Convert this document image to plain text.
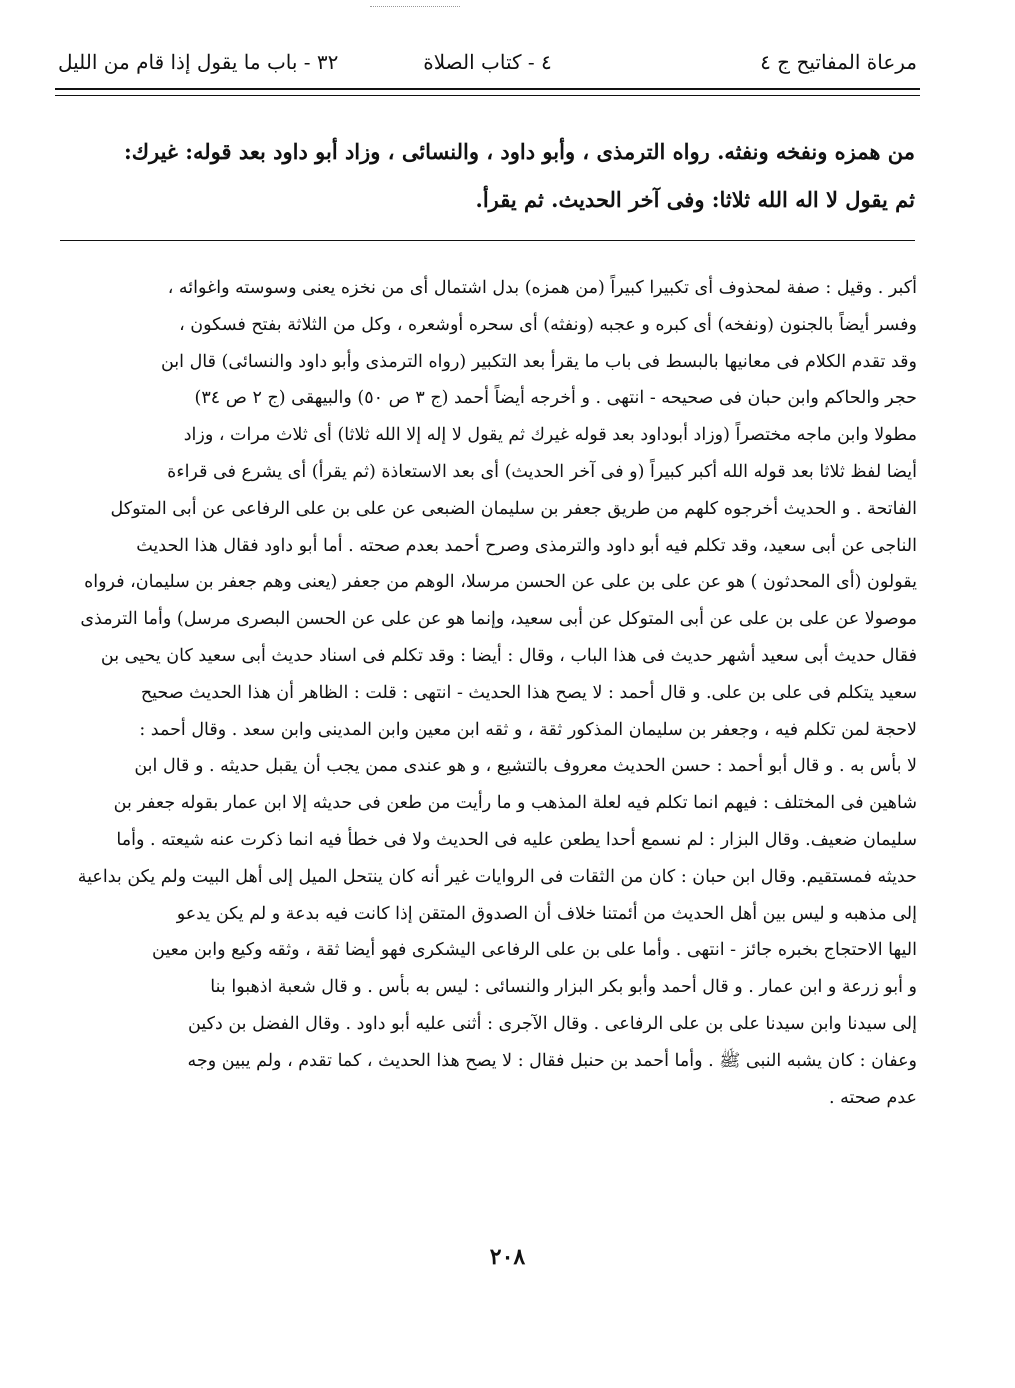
مرعاة المفاتيح ج ٤
٤ - كتاب الصلاة
٣٢ - باب ما يقول إذا قام من الليل

من همزه ونفخه ونفثه. رواه الترمذى ، وأبو داود ، والنسائى ، وزاد أبو داود بعد قوله: غيرك:

ثم يقول لا اله الله ثلاثا: وفى آخر الحديث. ثم يقرأ.

أكبر . وقيل : صفة لمحذوف أى تكبيرا كبيراً (من همزه) بدل اشتمال أى من نخزه يعنى وسوسته واغوائه ،
وفسر أيضاً بالجنون (ونفخه) أى كبره و عجبه (ونفثه) أى سحره أوشعره ، وكل من الثلاثة بفتح فسكون ،
وقد تقدم الكلام فى معانيها بالبسط فى باب ما يقرأ بعد التكبير (رواه الترمذى وأبو داود والنسائى) قال ابن
حجر والحاكم وابن حبان فى صحيحه - انتهى . و أخرجه أيضاً أحمد (ج ٣ ص ٥٠) والبيهقى (ج ٢ ص ٣٤)
مطولا وابن ماجه مختصراً (وزاد أبوداود بعد قوله غيرك ثم يقول لا إله إلا الله ثلاثا) أى ثلاث مرات ، وزاد
أيضا لفظ ثلاثا بعد قوله الله أكبر كبيراً (و فى آخر الحديث) أى بعد الاستعاذة (ثم يقرأ) أى يشرع فى قراءة
الفاتحة . و الحديث أخرجوه كلهم من طريق جعفر بن سليمان الضبعى عن على بن على الرفاعى عن أبى المتوكل
الناجى عن أبى سعيد، وقد تكلم فيه أبو داود والترمذى وصرح أحمد بعدم صحته . أما أبو داود فقال هذا الحديث
يقولون (أى المحدثون ) هو عن على بن على عن الحسن مرسلا، الوهم من جعفر (يعنى وهم جعفر بن سليمان، فرواه
موصولا عن على بن على عن أبى المتوكل عن أبى سعيد، وإنما هو عن على عن الحسن البصرى مرسل) وأما الترمذى
فقال حديث أبى سعيد أشهر حديث فى هذا الباب ، وقال : أيضا : وقد تكلم فى اسناد حديث أبى سعيد كان يحيى بن
سعيد يتكلم فى على بن على. و قال أحمد : لا يصح هذا الحديث - انتهى : قلت : الظاهر أن هذا الحديث صحيح
لاحجة لمن تكلم فيه ، وجعفر بن سليمان المذكور ثقة ، و ثقه ابن معين وابن المدينى وابن سعد . وقال أحمد :
لا بأس به . و قال أبو أحمد : حسن الحديث معروف بالتشيع ، و هو عندى ممن يجب أن يقبل حديثه . و قال ابن
شاهين فى المختلف : فيهم انما تكلم فيه لعلة المذهب و ما رأيت من طعن فى حديثه إلا ابن عمار بقوله جعفر بن
سليمان ضعيف. وقال البزار : لم نسمع أحدا يطعن عليه فى الحديث ولا فى خطأ فيه انما ذكرت عنه شيعته . وأما
حديثه فمستقيم. وقال ابن حبان : كان من الثقات فى الروايات غير أنه كان ينتحل الميل إلى أهل البيت ولم يكن بداعية
إلى مذهبه و ليس بين أهل الحديث من أئمتنا خلاف أن الصدوق المتقن إذا كانت فيه بدعة و لم يكن يدعو
اليها الاحتجاج بخبره جائز - انتهى . وأما على بن على الرفاعى اليشكرى فهو أيضا ثقة ، وثقه وكيع وابن معين
و أبو زرعة و ابن عمار . و قال أحمد وأبو بكر البزار والنسائى : ليس به بأس . و قال شعبة اذهبوا بنا
إلى سيدنا وابن سيدنا على بن على الرفاعى . وقال الآجرى : أثنى عليه أبو داود . وقال الفضل بن دكين
وعفان : كان يشبه النبى ﷺ . وأما أحمد بن حنبل فقال : لا يصح هذا الحديث ، كما تقدم ، ولم يبين وجه
عدم صحته .
٢٠٨
